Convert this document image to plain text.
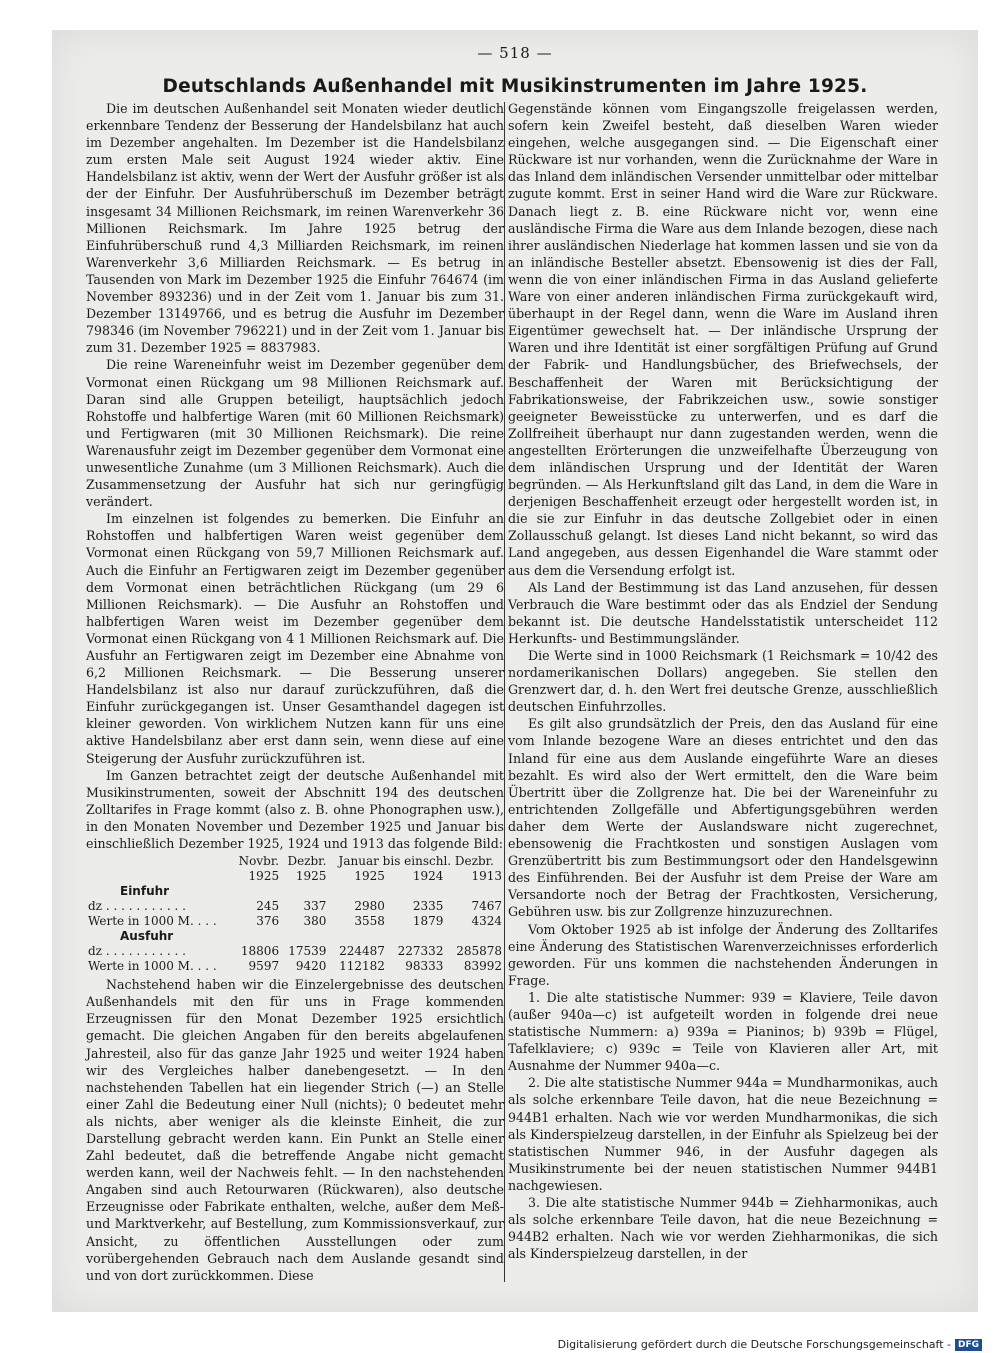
— 518 —
Deutschlands Außenhandel mit Musikinstrumenten im Jahre 1925.

Die im deutschen Außenhandel seit Monaten wieder deutlich erkennbare Tendenz der Besserung der Handelsbilanz hat auch im Dezember angehalten. Im Dezember ist die Handelsbilanz zum ersten Male seit August 1924 wieder aktiv. Eine Handelsbilanz ist aktiv, wenn der Wert der Ausfuhr größer ist als der der Einfuhr. Der Ausfuhrüberschuß im Dezember beträgt insgesamt 34 Millionen Reichsmark, im reinen Warenverkehr 36 Millionen Reichsmark. Im Jahre 1925 betrug der Einfuhrüberschuß rund 4,3 Milliarden Reichsmark, im reinen Warenverkehr 3,6 Milliarden Reichsmark. — Es betrug in Tausenden von Mark im Dezember 1925 die Einfuhr 764674 (im November 893236) und in der Zeit vom 1. Januar bis zum 31. Dezember 13149766, und es betrug die Ausfuhr im Dezember 798346 (im November 796221) und in der Zeit vom 1. Januar bis zum 31. Dezember 1925 = 8837983.

Die reine Wareneinfuhr weist im Dezember gegenüber dem Vormonat einen Rückgang um 98 Millionen Reichsmark auf. Daran sind alle Gruppen beteiligt, hauptsächlich jedoch Rohstoffe und halbfertige Waren (mit 60 Millionen Reichsmark) und Fertigwaren (mit 30 Millionen Reichsmark). Die reine Warenausfuhr zeigt im Dezember gegenüber dem Vormonat eine unwesentliche Zunahme (um 3 Millionen Reichsmark). Auch die Zusammensetzung der Ausfuhr hat sich nur geringfügig verändert.

Im einzelnen ist folgendes zu bemerken. Die Einfuhr an Rohstoffen und halbfertigen Waren weist gegenüber dem Vormonat einen Rückgang von 59,7 Millionen Reichsmark auf. Auch die Einfuhr an Fertigwaren zeigt im Dezember gegenüber dem Vormonat einen beträchtlichen Rückgang (um 29 6 Millionen Reichsmark). — Die Ausfuhr an Rohstoffen und halbfertigen Waren weist im Dezember gegenüber dem Vormonat einen Rückgang von 4 1 Millionen Reichsmark auf. Die Ausfuhr an Fertigwaren zeigt im Dezember eine Abnahme von 6,2 Millionen Reichsmark. — Die Besserung unserer Handelsbilanz ist also nur darauf zurückzuführen, daß die Einfuhr zurückgegangen ist. Unser Gesamthandel dagegen ist kleiner geworden. Von wirklichem Nutzen kann für uns eine aktive Handelsbilanz aber erst dann sein, wenn diese auf eine Steigerung der Ausfuhr zurückzuführen ist.

Im Ganzen betrachtet zeigt der deutsche Außenhandel mit Musikinstrumenten, soweit der Abschnitt 194 des deutschen Zolltarifes in Frage kommt (also z. B. ohne Phonographen usw.), in den Monaten November und Dezember 1925 und Januar bis einschließlich Dezember 1925, 1924 und 1913 das folgende Bild:

	Novbr.	Dezbr.	Januar bis einschl. Dezbr.		
	1925	1925	1925	1924	1913
Einfuhr					
dz . . . . . . . . . . .	245	337	2980	2335	7467
Werte in 1000 M. . . .	376	380	3558	1879	4324
Ausfuhr					
dz . . . . . . . . . . .	18806	17539	224487	227332	285878
Werte in 1000 M. . . .	9597	9420	112182	98333	83992

Nachstehend haben wir die Einzelergebnisse des deutschen Außenhandels mit den für uns in Frage kommenden Erzeugnissen für den Monat Dezember 1925 ersichtlich gemacht. Die gleichen Angaben für den bereits abgelaufenen Jahresteil, also für das ganze Jahr 1925 und weiter 1924 haben wir des Vergleiches halber danebengesetzt. — In den nachstehenden Tabellen hat ein liegender Strich (—) an Stelle einer Zahl die Bedeutung einer Null (nichts); 0 bedeutet mehr als nichts, aber weniger als die kleinste Einheit, die zur Darstellung gebracht werden kann. Ein Punkt an Stelle einer Zahl bedeutet, daß die betreffende Angabe nicht gemacht werden kann, weil der Nachweis fehlt. — In den nachstehenden Angaben sind auch Retourwaren (Rückwaren), also deutsche Erzeugnisse oder Fabrikate enthalten, welche, außer dem Meß- und Marktverkehr, auf Bestellung, zum Kommissionsverkauf, zur Ansicht, zu öffentlichen Ausstellungen oder zum vorübergehenden Gebrauch nach dem Auslande gesandt sind und von dort zurückkommen. Diese

Gegenstände können vom Eingangszolle freigelassen werden, sofern kein Zweifel besteht, daß dieselben Waren wieder eingehen, welche ausgegangen sind. — Die Eigenschaft einer Rückware ist nur vorhanden, wenn die Zurücknahme der Ware in das Inland dem inländischen Versender unmittelbar oder mittelbar zugute kommt. Erst in seiner Hand wird die Ware zur Rückware. Danach liegt z. B. eine Rückware nicht vor, wenn eine ausländische Firma die Ware aus dem Inlande bezogen, diese nach ihrer ausländischen Niederlage hat kommen lassen und sie von da an inländische Besteller absetzt. Ebensowenig ist dies der Fall, wenn die von einer inländischen Firma in das Ausland gelieferte Ware von einer anderen inländischen Firma zurückgekauft wird, überhaupt in der Regel dann, wenn die Ware im Ausland ihren Eigentümer gewechselt hat. — Der inländische Ursprung der Waren und ihre Identität ist einer sorgfältigen Prüfung auf Grund der Fabrik- und Handlungsbücher, des Briefwechsels, der Beschaffenheit der Waren mit Berücksichtigung der Fabrikationsweise, der Fabrikzeichen usw., sowie sonstiger geeigneter Beweisstücke zu unterwerfen, und es darf die Zollfreiheit überhaupt nur dann zugestanden werden, wenn die angestellten Erörterungen die unzweifelhafte Überzeugung von dem inländischen Ursprung und der Identität der Waren begründen. — Als Herkunftsland gilt das Land, in dem die Ware in derjenigen Beschaffenheit erzeugt oder hergestellt worden ist, in die sie zur Einfuhr in das deutsche Zollgebiet oder in einen Zollausschuß gelangt. Ist dieses Land nicht bekannt, so wird das Land angegeben, aus dessen Eigenhandel die Ware stammt oder aus dem die Versendung erfolgt ist.

Als Land der Bestimmung ist das Land anzusehen, für dessen Verbrauch die Ware bestimmt oder das als Endziel der Sendung bekannt ist. Die deutsche Handelsstatistik unterscheidet 112 Herkunfts- und Bestimmungsländer.

Die Werte sind in 1000 Reichsmark (1 Reichsmark = 10/42 des nordamerikanischen Dollars) angegeben. Sie stellen den Grenzwert dar, d. h. den Wert frei deutsche Grenze, ausschließlich deutschen Einfuhrzolles.

Es gilt also grundsätzlich der Preis, den das Ausland für eine vom Inlande bezogene Ware an dieses entrichtet und den das Inland für eine aus dem Auslande eingeführte Ware an dieses bezahlt. Es wird also der Wert ermittelt, den die Ware beim Übertritt über die Zollgrenze hat. Die bei der Wareneinfuhr zu entrichtenden Zollgefälle und Abfertigungsgebühren werden daher dem Werte der Auslandsware nicht zugerechnet, ebensowenig die Frachtkosten und sonstigen Auslagen vom Grenzübertritt bis zum Bestimmungsort oder den Handelsgewinn des Einführenden. Bei der Ausfuhr ist dem Preise der Ware am Versandorte noch der Betrag der Frachtkosten, Versicherung, Gebühren usw. bis zur Zollgrenze hinzuzurechnen.

Vom Oktober 1925 ab ist infolge der Änderung des Zolltarifes eine Änderung des Statistischen Warenverzeichnisses erforderlich geworden. Für uns kommen die nachstehenden Änderungen in Frage.

1. Die alte statistische Nummer: 939 = Klaviere, Teile davon (außer 940a—c) ist aufgeteilt worden in folgende drei neue statistische Nummern: a) 939a = Pianinos; b) 939b = Flügel, Tafelklaviere; c) 939c = Teile von Klavieren aller Art, mit Ausnahme der Nummer 940a—c.

2. Die alte statistische Nummer 944a = Mundharmonikas, auch als solche erkennbare Teile davon, hat die neue Bezeichnung = 944B1 erhalten. Nach wie vor werden Mundharmonikas, die sich als Kinderspielzeug darstellen, in der Einfuhr als Spielzeug bei der statistischen Nummer 946, in der Ausfuhr dagegen als Musikinstrumente bei der neuen statistischen Nummer 944B1 nachgewiesen.

3. Die alte statistische Nummer 944b = Ziehharmonikas, auch als solche erkennbare Teile davon, hat die neue Bezeichnung = 944B2 erhalten. Nach wie vor werden Ziehharmonikas, die sich als Kinderspielzeug darstellen, in der

Digitalisierung gefördert durch die Deutsche Forschungsgemeinschaft - DFG
